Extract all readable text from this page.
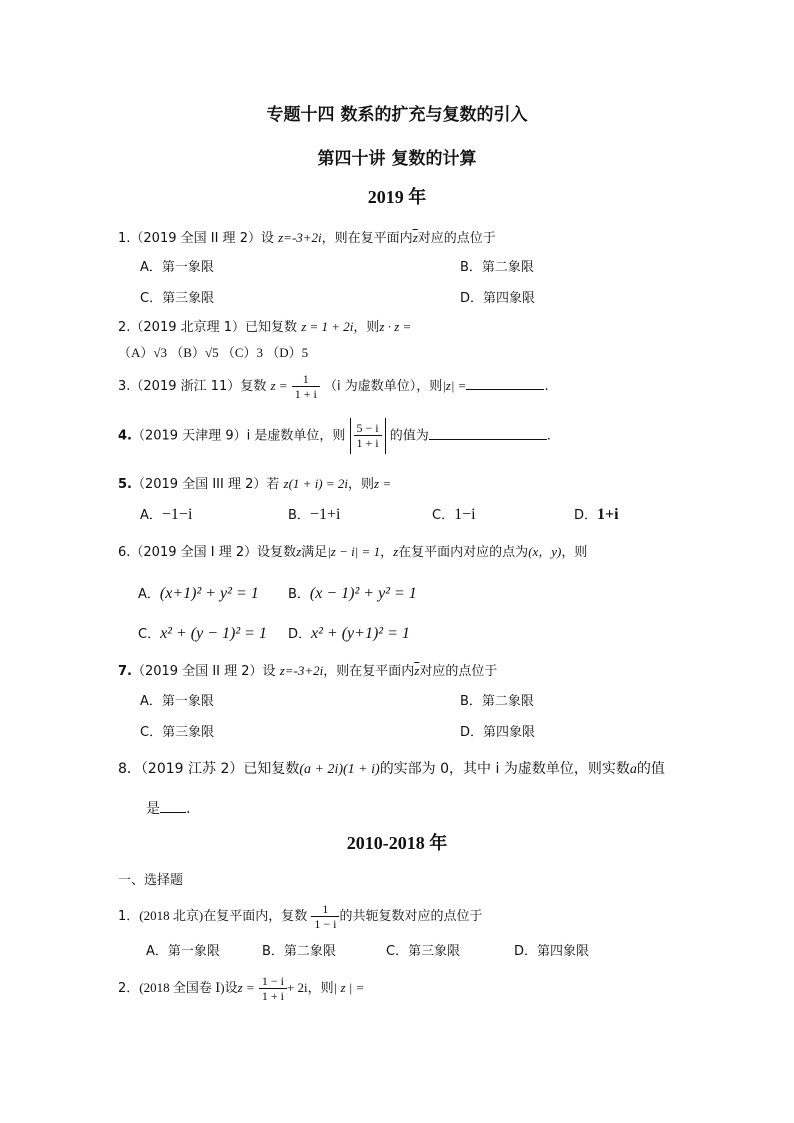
专题十四 数系的扩充与复数的引入
第四十讲 复数的计算
2019 年
1.（2019 全国 II 理 2）设 z=-3+2i，则在复平面内$\overline{z}$对应的点位于
A．第一象限	B．第二象限
C．第三象限	D．第四象限
2.（2019 北京理 1）已知复数 z = 1 + 2i，则z · z =
（A）√3 （B）√5 （C）3 （D）5
3.（2019 浙江 11）复数 $z = \frac{1}{1 + i} (i$ 为虚数单位），则|z| =	.
4.（2019 天津理 9）i 是虚数单位，则 $\frac{5 - i}{1 + i}$ 的值为	.
5.（2019 全国 III 理 2）若 z(1 + i) = 2i，则z =
A．−1−i	B．−1+i	C．1−i	D．1+i
6.（2019 全国 I 理 2）设复数z满足|z − i| = 1，z在复平面内对应的点为(x，y)，则
A．(x+1)² + y² = 1 B．(x − 1)² + y² = 1
C．x² + (y − 1)² = 1 D．x² + (y+1)² = 1
7.（2019 全国 II 理 2）设 z=-3+2i，则在复平面内$\overline{z}$对应的点位于
A．第一象限	B．第二象限
C．第三象限	D．第四象限
8．（2019 江苏 2）已知复数(a + 2i)(1 + i)的实部为 0，其中 i 为虚数单位，则实数a的值
是 .
2010-2018 年
一、选择题
1．(2018 北京)在复平面内，复数 $\frac{1}{1 - i}$ 的共轭复数对应的点位于
A．第一象限	B．第二象限	C．第三象限	D．第四象限
2．(2018 全国卷 Ⅰ)设$z = \frac{1 - i}{1 + i} + 2i$，则| z | =
